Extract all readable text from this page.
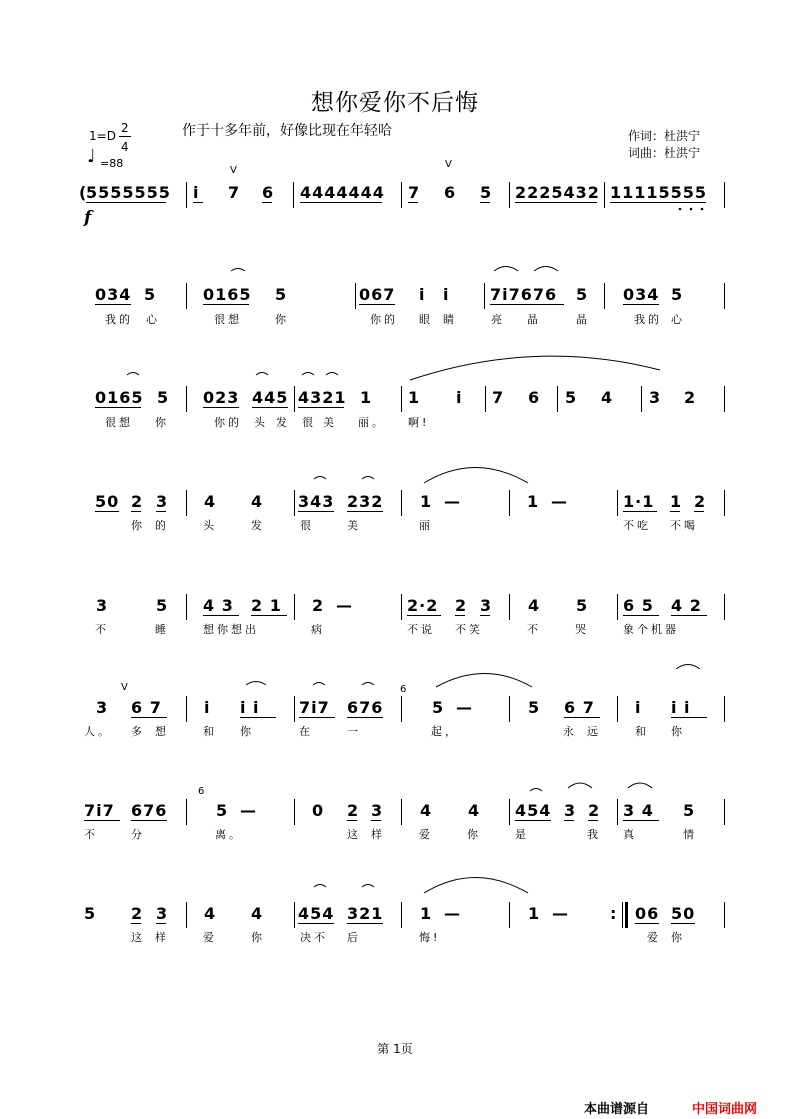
想你爱你不后悔
作于十多年前，好像比现在年轻哈	作词：杜洪宁
词曲：杜洪宁
1=D
2
4
♩ =88
f
(
5555555 i 7 6
V
4444444 7 6 5
V
2225432 11115555
034 5	0165 5	067 i i	7i7676 5 034 5
我的 心	很想	你	你的 眼 睛	亮 晶	晶	我的 心
0165 5 023 445 4321 1 1 i 7 6 5 4 3 2
很想 你	你的 头 发 很 美 丽。 啊!
50 2 3 4 4 343 232 1 —	1 —	1·1 1 2
你 的	头	发	很	美	丽	不吃 不喝
3	5 4 3 2 1 2 —	2·2 2 3 4 5 6 5 4 2
不	睡	想你想出	病	不说 不笑	不	哭	象个机器
V
3 6 7	i i i 7i7 676
6
5 —	5 6 7	i i i
人。 多 想	和 你	在	一	起，	永 远	和 你
7i7 676
6
5 —	0 2 3 4 4 454 3 2 3 4 5
不	分	离。	这 样	爱	你	是	我 真	情
5 2 3 4 4 454 321 1 —	1 —	: 06 50
这 样	爱	你	决不 后	悔!	爱 你
第 1页
本曲谱源自	中国词曲网
